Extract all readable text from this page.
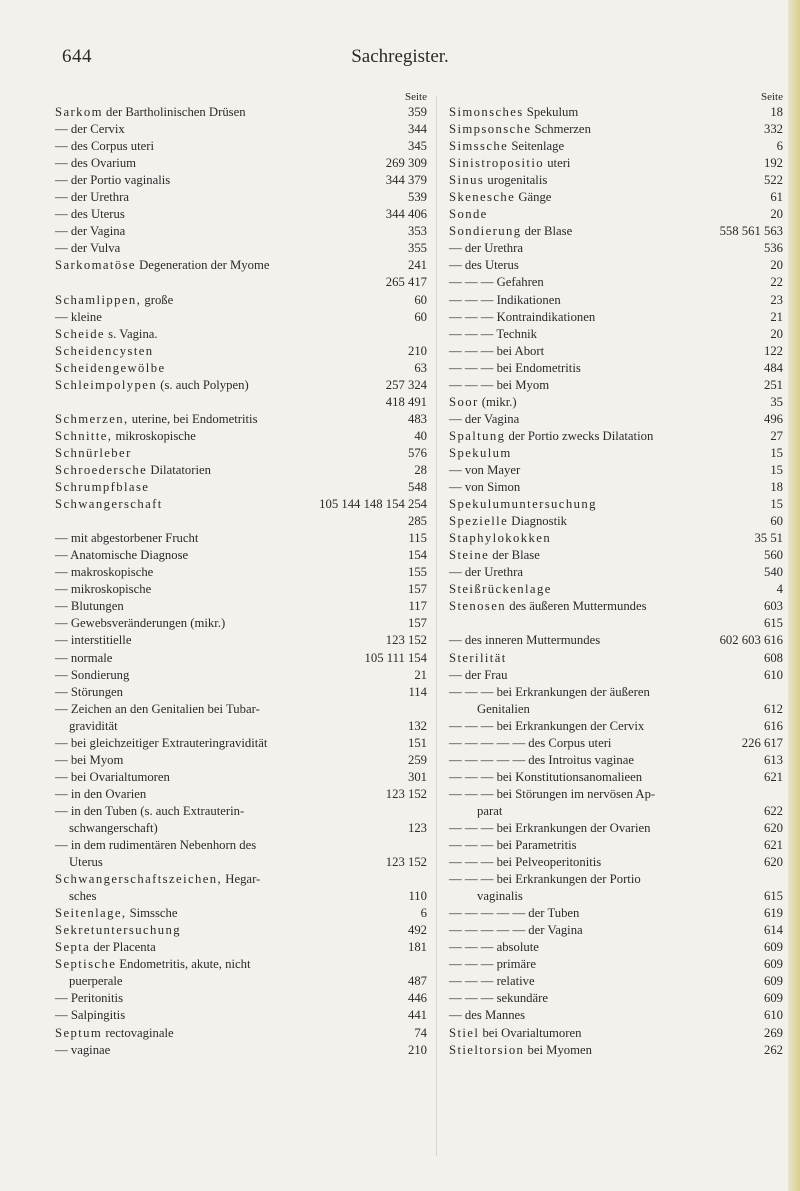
644	Sachregister.
Seite
Sarkom der Bartholinischen Drüsen	359
— der Cervix	344
— des Corpus uteri	345
— des Ovarium	269 309
— der Portio vaginalis	344 379
— der Urethra	539
— des Uterus	344 406
— der Vagina	353
— der Vulva	355
Sarkomatöse Degeneration der Myome	241
265 417
Schamlippen, große	60
— kleine	60
Scheide s. Vagina.
Scheidencysten	210
Scheidengewölbe	63
Schleimpolypen (s. auch Polypen)	257 324
418 491
Schmerzen, uterine, bei Endometritis	483
Schnitte, mikroskopische	40
Schnürleber	576
Schroedersche Dilatatorien	28
Schrumpfblase	548
Schwangerschaft	105 144 148 154 254
285
— mit abgestorbener Frucht	115
— Anatomische Diagnose	154
— makroskopische	155
— mikroskopische	157
— Blutungen	117
— Gewebsveränderungen (mikr.)	157
— interstitielle	123 152
— normale	105 111 154
— Sondierung	21
— Störungen	114
— Zeichen an den Genitalien bei Tubar-
gravidität	132
— bei gleichzeitiger Extrauteringravidität	151
— bei Myom	259
— bei Ovarialtumoren	301
— in den Ovarien	123 152
— in den Tuben (s. auch Extrauterin-
schwangerschaft)	123
— in dem rudimentären Nebenhorn des
Uterus	123 152
Schwangerschaftszeichen, Hegar-
sches	110
Seitenlage, Simssche	6
Sekretuntersuchung	492
Septa der Placenta	181
Septische Endometritis, akute, nicht
puerperale	487
— Peritonitis	446
— Salpingitis	441
Septum rectovaginale	74
— vaginae	210
Seite
Simonsches Spekulum	18
Simpsonsche Schmerzen	332
Simssche Seitenlage	6
Sinistropositio uteri	192
Sinus urogenitalis	522
Skenesche Gänge	61
Sonde	20
Sondierung der Blase	558 561 563
— der Urethra	536
— des Uterus	20
— — — Gefahren	22
— — — Indikationen	23
— — — Kontraindikationen	21
— — — Technik	20
— — — bei Abort	122
— — — bei Endometritis	484
— — — bei Myom	251
Soor (mikr.)	35
— der Vagina	496
Spaltung der Portio zwecks Dilatation	27
Spekulum	15
— von Mayer	15
— von Simon	18
Spekulumuntersuchung	15
Spezielle Diagnostik	60
Staphylokokken	35 51
Steine der Blase	560
— der Urethra	540
Steißrückenlage	4
Stenosen des äußeren Muttermundes	603
615
— des inneren Muttermundes	602 603 616
Sterilität	608
— der Frau	610
— — — bei Erkrankungen der äußeren
Genitalien	612
— — — bei Erkrankungen der Cervix	616
— — — — — des Corpus uteri	226 617
— — — — — des Introitus vaginae	613
— — — bei Konstitutionsanomalieen	621
— — — bei Störungen im nervösen Ap-
parat	622
— — — bei Erkrankungen der Ovarien	620
— — — bei Parametritis	621
— — — bei Pelveoperitonitis	620
— — — bei Erkrankungen der Portio
vaginalis	615
— — — — — der Tuben	619
— — — — — der Vagina	614
— — — absolute	609
— — — primäre	609
— — — relative	609
— — — sekundäre	609
— des Mannes	610
Stiel bei Ovarialtumoren	269
Stieltorsion bei Myomen	262
